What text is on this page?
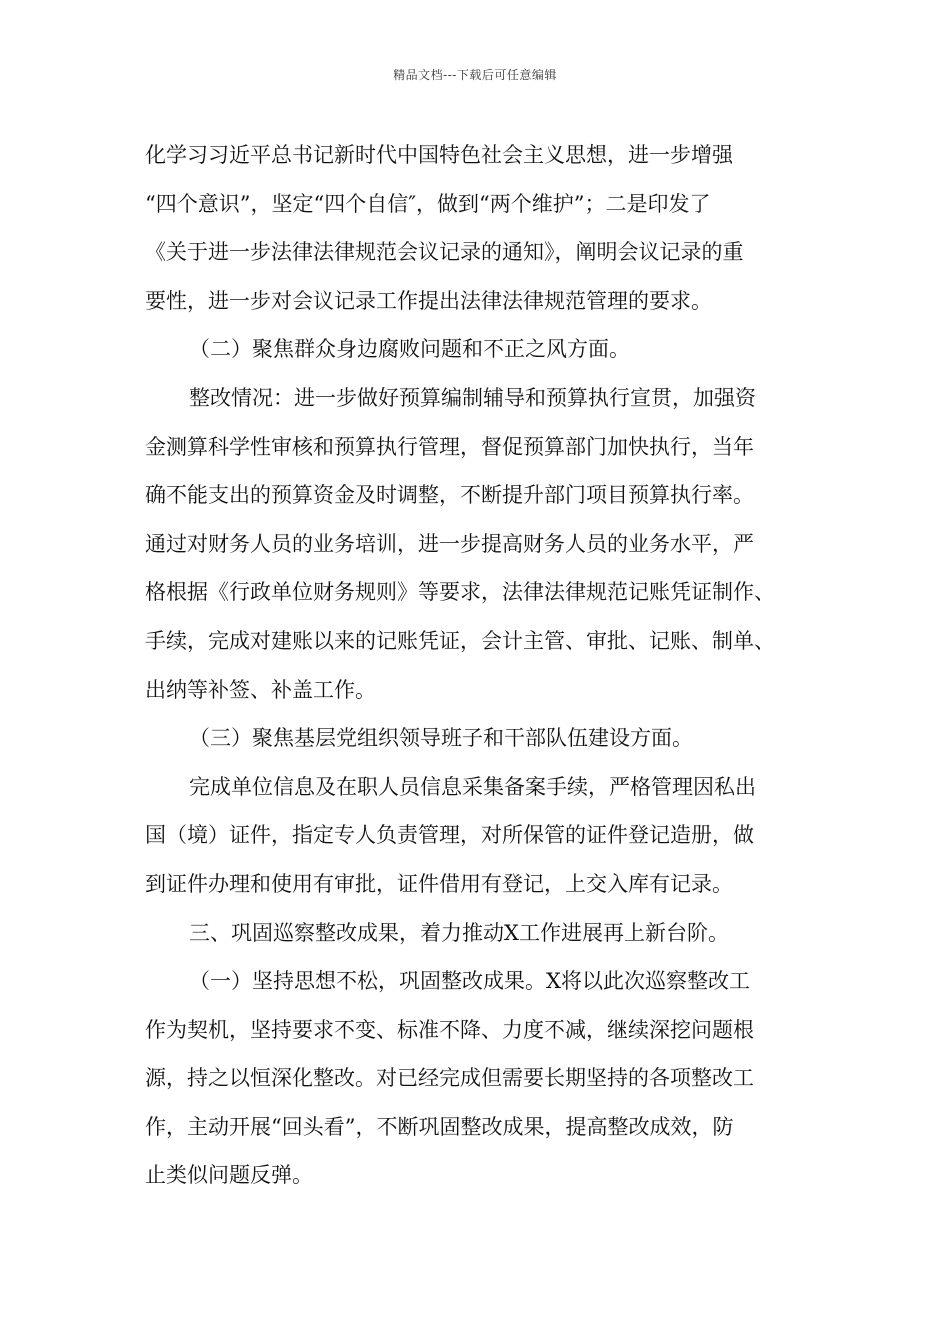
精品文档---下载后可任意编辑
化学习习近平总书记新时代中国特色社会主义思想，进一步增强
“四个意识”，坚定“四个自信″，做到“两个维护”；二是印发了
《关于进一步法律法律规范会议记录的通知》，阐明会议记录的重
要性，进一步对会议记录工作提出法律法律规范管理的要求。
（二）聚焦群众身边腐败问题和不正之风方面。
整改情况：进一步做好预算编制辅导和预算执行宣贯，加强资
金测算科学性审核和预算执行管理，督促预算部门加快执行，当年
确不能支出的预算资金及时调整，不断提升部门项目预算执行率。
通过对财务人员的业务培训，进一步提高财务人员的业务水平，严
格根据《行政单位财务规则》等要求，法律法律规范记账凭证制作、
手续，完成对建账以来的记账凭证，会计主管、审批、记账、制单、
出纳等补签、补盖工作。
（三）聚焦基层党组织领导班子和干部队伍建设方面。
完成单位信息及在职人员信息采集备案手续，严格管理因私出
国（境）证件，指定专人负责管理，对所保管的证件登记造册，做
到证件办理和使用有审批，证件借用有登记，上交入库有记录。
三、巩固巡察整改成果，着力推动X工作进展再上新台阶。
（一）坚持思想不松，巩固整改成果。X将以此次巡察整改工
作为契机，坚持要求不变、标准不降、力度不减，继续深挖问题根
源，持之以恒深化整改。对已经完成但需要长期坚持的各项整改工
作，主动开展“回头看”，不断巩固整改成果，提高整改成效，防
止类似问题反弹。
